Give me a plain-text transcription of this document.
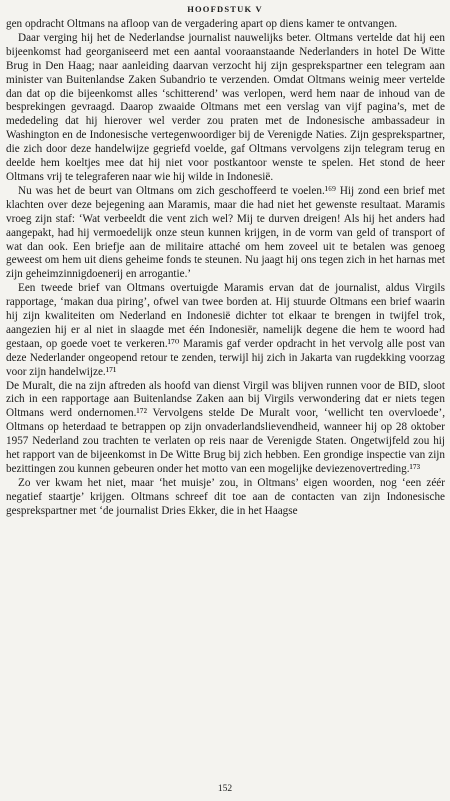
HOOFDSTUK V

gen opdracht Oltmans na afloop van de vergadering apart op diens kamer te ontvangen.

Daar verging hij het de Nederlandse journalist nauwelijks beter. Oltmans vertelde dat hij een bijeenkomst had georganiseerd met een aantal vooraanstaande Nederlanders in hotel De Witte Brug in Den Haag; naar aanleiding daarvan verzocht hij zijn gesprekspartner een telegram aan minister van Buitenlandse Zaken Subandrio te verzenden. Omdat Oltmans weinig meer vertelde dan dat op die bijeenkomst alles ‘schitterend’ was verlopen, werd hem naar de inhoud van de besprekingen gevraagd. Daarop zwaaide Oltmans met een verslag van vijf pagina’s, met de mededeling dat hij hierover wel verder zou praten met de Indonesische ambassadeur in Washington en de Indonesische vertegenwoordiger bij de Verenigde Naties. Zijn gesprekspartner, die zich door deze handelwijze gegriefd voelde, gaf Oltmans vervolgens zijn telegram terug en deelde hem koeltjes mee dat hij niet voor postkantoor wenste te spelen. Het stond de heer Oltmans vrij te telegraferen naar wie hij wilde in Indonesië.

Nu was het de beurt van Oltmans om zich geschoffeerd te voelen.¹⁶⁹ Hij zond een brief met klachten over deze bejegening aan Maramis, maar die had niet het gewenste resultaat. Maramis vroeg zijn staf: ‘Wat verbeeldt die vent zich wel? Mij te durven dreigen! Als hij het anders had aangepakt, had hij vermoedelijk onze steun kunnen krijgen, in de vorm van geld of transport of wat dan ook. Een briefje aan de militaire attaché om hem zoveel uit te betalen was genoeg geweest om hem uit diens geheime fonds te steunen. Nu jaagt hij ons tegen zich in het harnas met zijn geheimzinnigdoenerij en arrogantie.’

Een tweede brief van Oltmans overtuigde Maramis ervan dat de journalist, aldus Virgils rapportage, ‘makan dua piring’, ofwel van twee borden at. Hij stuurde Oltmans een brief waarin hij zijn kwaliteiten om Nederland en Indonesië dichter tot elkaar te brengen in twijfel trok, aangezien hij er al niet in slaagde met één Indonesiër, namelijk degene die hem te woord had gestaan, op goede voet te verkeren.¹⁷⁰ Maramis gaf verder opdracht in het vervolg alle post van deze Nederlander ongeopend retour te zenden, terwijl hij zich in Jakarta van rugdekking voorzag voor zijn handelwijze.¹⁷¹

De Muralt, die na zijn aftreden als hoofd van dienst Virgil was blijven runnen voor de BID, sloot zich in een rapportage aan Buitenlandse Zaken aan bij Virgils verwondering dat er niets tegen Oltmans werd ondernomen.¹⁷² Vervolgens stelde De Muralt voor, ‘wellicht ten overvloede’, Oltmans op heterdaad te betrappen op zijn onvaderlandslievendheid, wanneer hij op 28 oktober 1957 Nederland zou trachten te verlaten op reis naar de Verenigde Staten. Ongetwijfeld zou hij het rapport van de bijeenkomst in De Witte Brug bij zich hebben. Een grondige inspectie van zijn bezittingen zou kunnen gebeuren onder het motto van een mogelijke deviezenovertreding.¹⁷³

Zo ver kwam het niet, maar ‘het muisje’ zou, in Oltmans’ eigen woorden, nog ‘een zéér negatief staartje’ krijgen. Oltmans schreef dit toe aan de contacten van zijn Indonesische gesprekspartner met ‘de journalist Dries Ekker, die in het Haagse

152
